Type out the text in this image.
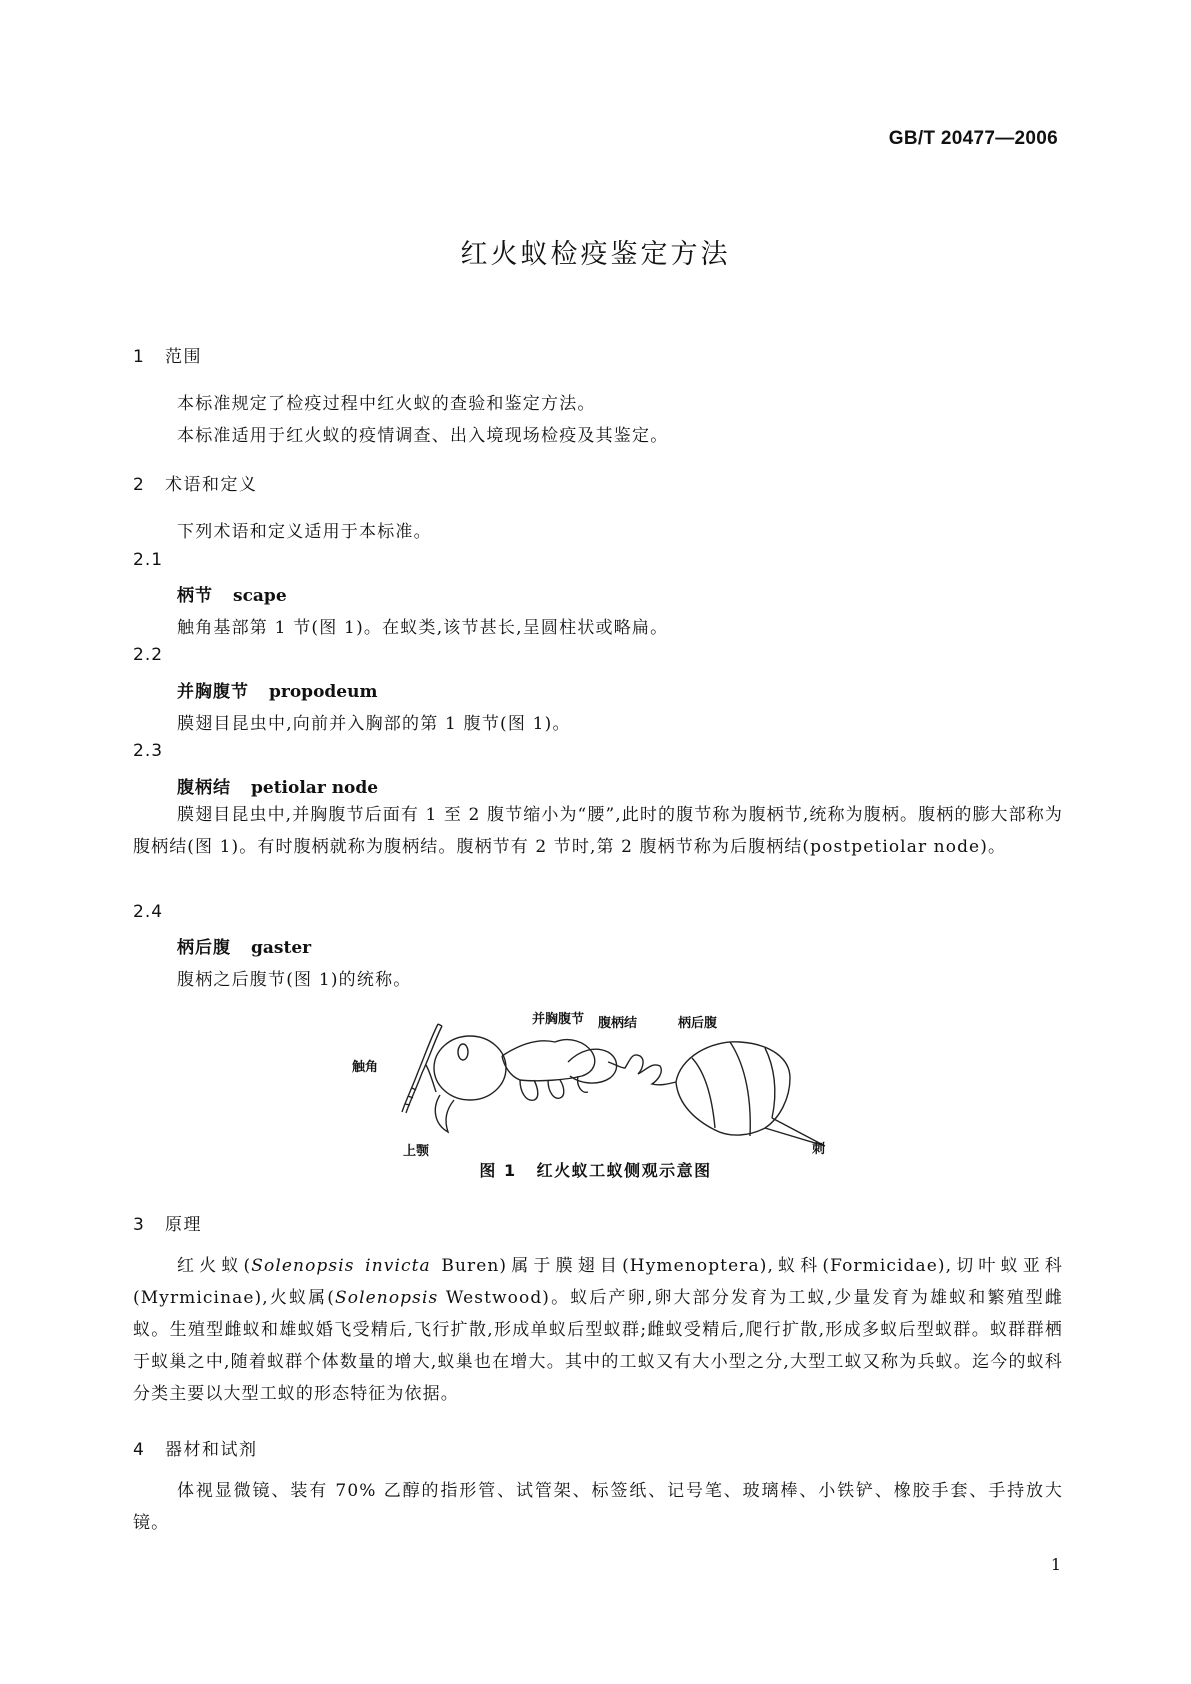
GB/T 20477—2006
红火蚁检疫鉴定方法
1 范围
本标准规定了检疫过程中红火蚁的查验和鉴定方法。
本标准适用于红火蚁的疫情调查、出入境现场检疫及其鉴定。
2 术语和定义
下列术语和定义适用于本标准。
2.1
柄节 scape
触角基部第 1 节(图 1)。在蚁类,该节甚长,呈圆柱状或略扁。
2.2
并胸腹节 propodeum
膜翅目昆虫中,向前并入胸部的第 1 腹节(图 1)。
2.3
腹柄结 petiolar node
膜翅目昆虫中,并胸腹节后面有 1 至 2 腹节缩小为“腰”,此时的腹节称为腹柄节,统称为腹柄。腹柄的膨大部称为腹柄结(图 1)。有时腹柄就称为腹柄结。腹柄节有 2 节时,第 2 腹柄节称为后腹柄结(postpetiolar node)。
2.4
柄后腹 gaster
腹柄之后腹节(图 1)的统称。
触角
上颚
并胸腹节 腹柄结	柄后腹
刺
图 1 红火蚁工蚁侧观示意图
3 原理
红火蚁(Solenopsis invicta Buren)属于膜翅目(Hymenoptera),蚁科(Formicidae),切叶蚁亚科(Myrmicinae),火蚁属(Solenopsis Westwood)。蚁后产卵,卵大部分发育为工蚁,少量发育为雄蚁和繁殖型雌蚁。生殖型雌蚁和雄蚁婚飞受精后,飞行扩散,形成单蚁后型蚁群;雌蚁受精后,爬行扩散,形成多蚁后型蚁群。蚁群群栖于蚁巢之中,随着蚁群个体数量的增大,蚁巢也在增大。其中的工蚁又有大小型之分,大型工蚁又称为兵蚁。迄今的蚁科分类主要以大型工蚁的形态特征为依据。
4 器材和试剂
体视显微镜、装有 70% 乙醇的指形管、试管架、标签纸、记号笔、玻璃棒、小铁铲、橡胶手套、手持放大镜。
1
